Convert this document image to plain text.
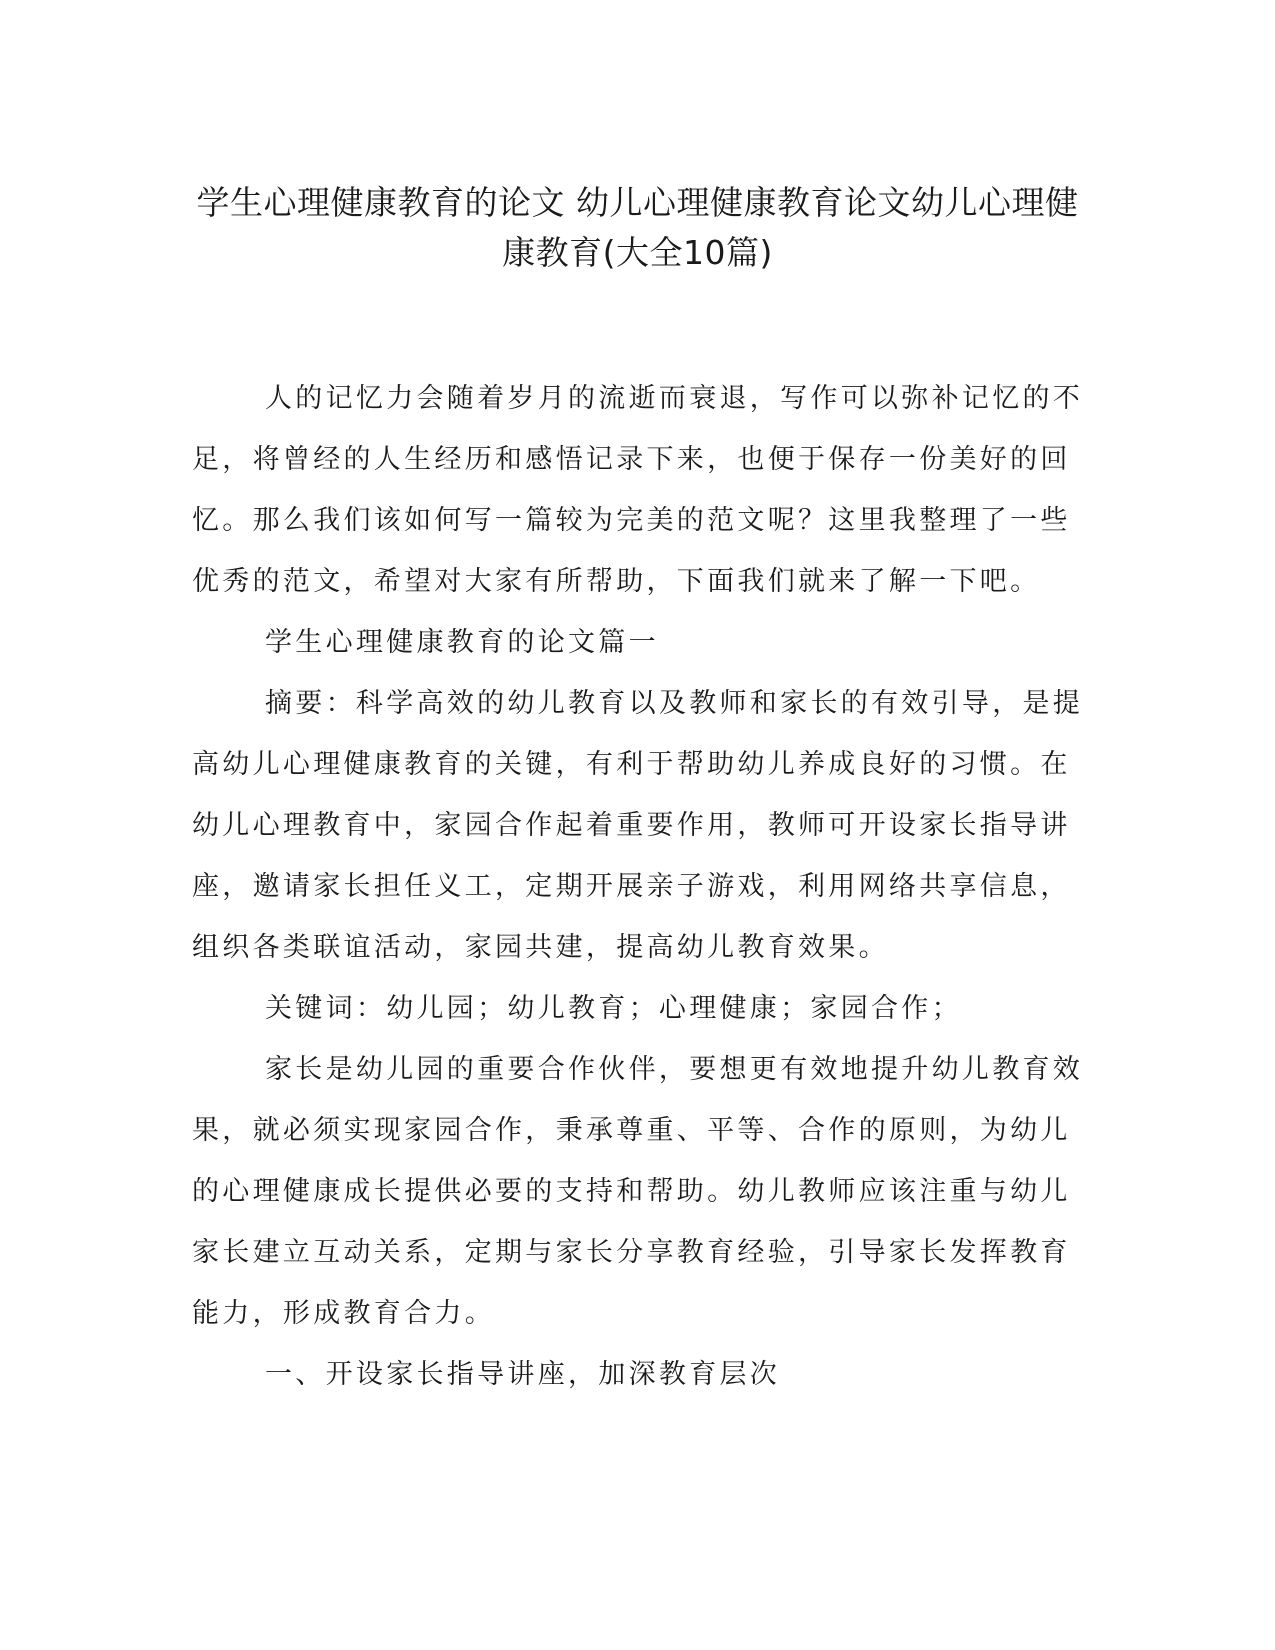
学生心理健康教育的论文 幼儿心理健康教育论文幼儿心理健康教育(大全10篇)

人的记忆力会随着岁月的流逝而衰退，写作可以弥补记忆的不足，将曾经的人生经历和感悟记录下来，也便于保存一份美好的回忆。那么我们该如何写一篇较为完美的范文呢？这里我整理了一些优秀的范文，希望对大家有所帮助，下面我们就来了解一下吧。

学生心理健康教育的论文篇一

摘要：科学高效的幼儿教育以及教师和家长的有效引导，是提高幼儿心理健康教育的关键，有利于帮助幼儿养成良好的习惯。在幼儿心理教育中，家园合作起着重要作用，教师可开设家长指导讲座，邀请家长担任义工，定期开展亲子游戏，利用网络共享信息，组织各类联谊活动，家园共建，提高幼儿教育效果。

关键词：幼儿园；幼儿教育；心理健康；家园合作；

家长是幼儿园的重要合作伙伴，要想更有效地提升幼儿教育效果，就必须实现家园合作，秉承尊重、平等、合作的原则，为幼儿的心理健康成长提供必要的支持和帮助。幼儿教师应该注重与幼儿家长建立互动关系，定期与家长分享教育经验，引导家长发挥教育能力，形成教育合力。

一、开设家长指导讲座，加深教育层次
